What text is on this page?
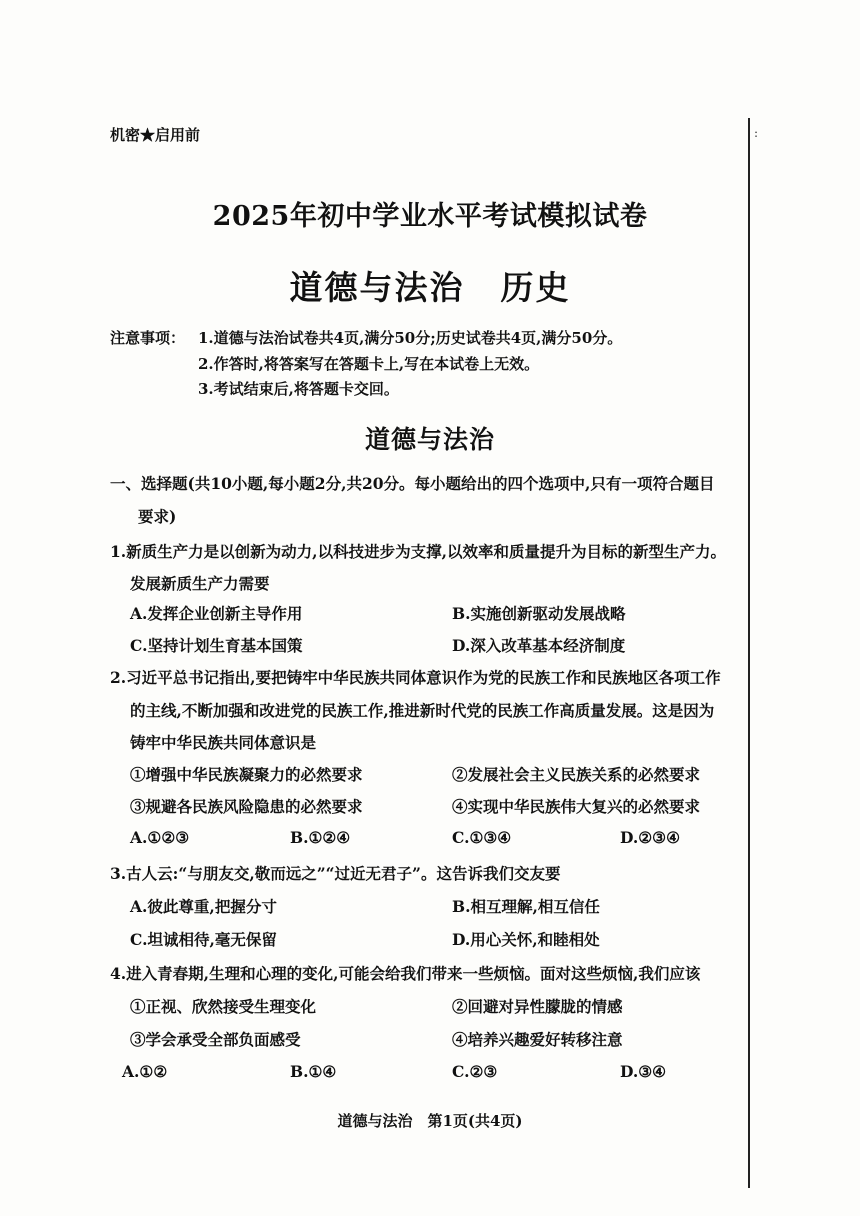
:
机密★启用前
2025年初中学业水平考试模拟试卷
道德与法治 历史
注意事项： 1.道德与法治试卷共4页,满分50分;历史试卷共4页,满分50分。
2.作答时,将答案写在答题卡上,写在本试卷上无效。
3.考试结束后,将答题卡交回。
道德与法治
一、选择题(共10小题,每小题2分,共20分。每小题给出的四个选项中,只有一项符合题目
要求)
1.新质生产力是以创新为动力,以科技进步为支撑,以效率和质量提升为目标的新型生产力。
发展新质生产力需要
A.发挥企业创新主导作用	B.实施创新驱动发展战略
C.坚持计划生育基本国策	D.深入改革基本经济制度
2.习近平总书记指出,要把铸牢中华民族共同体意识作为党的民族工作和民族地区各项工作
的主线,不断加强和改进党的民族工作,推进新时代党的民族工作高质量发展。这是因为
铸牢中华民族共同体意识是
①增强中华民族凝聚力的必然要求	②发展社会主义民族关系的必然要求
③规避各民族风险隐患的必然要求	④实现中华民族伟大复兴的必然要求
A.①②③	B.①②④	C.①③④	D.②③④
3.古人云:“与朋友交,敬而远之”“过近无君子”。这告诉我们交友要
A.彼此尊重,把握分寸	B.相互理解,相互信任
C.坦诚相待,毫无保留	D.用心关怀,和睦相处
4.进入青春期,生理和心理的变化,可能会给我们带来一些烦恼。面对这些烦恼,我们应该
①正视、欣然接受生理变化	②回避对异性朦胧的情感
③学会承受全部负面感受	④培养兴趣爱好转移注意
A.①②	B.①④	C.②③	D.③④
道德与法治　第1页(共4页)
